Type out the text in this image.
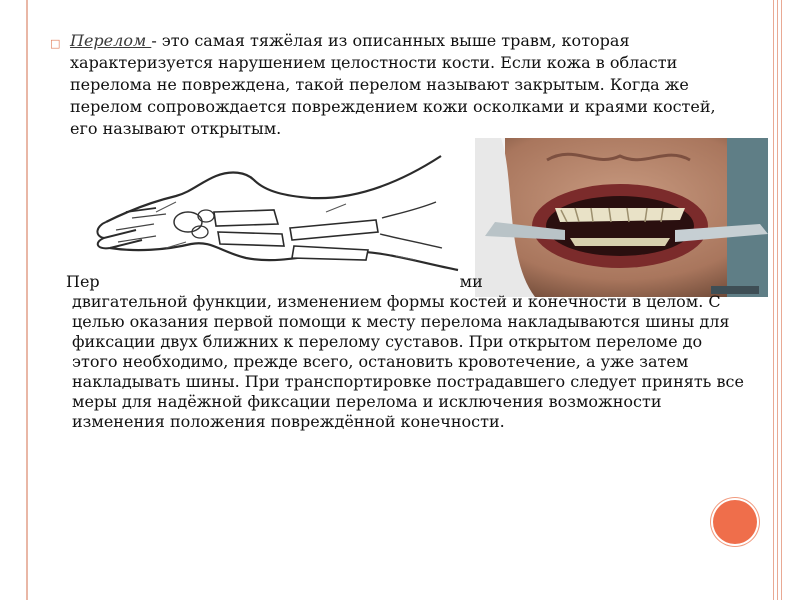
□ Перелом - это самая тяжёлая из описанных выше травм, которая характеризуется нарушением целостности кости. Если кожа в области перелома не повреждена, такой перелом называют закрытым. Когда же перелом сопровождается повреждением кожи осколками и краями костей, его называют открытым.
Пер	ми
двигательной функции, изменением формы костей и конечности в целом. С целью оказания первой помощи к месту перелома накладываются шины для фиксации двух ближних к перелому суставов. При открытом переломе до этого необходимо, прежде всего, остановить кровотечение, а уже затем накладывать шины. При транспортировке пострадавшего следует принять все меры для надёжной фиксации перелома и исключения возможности изменения положения повреждённой конечности.
